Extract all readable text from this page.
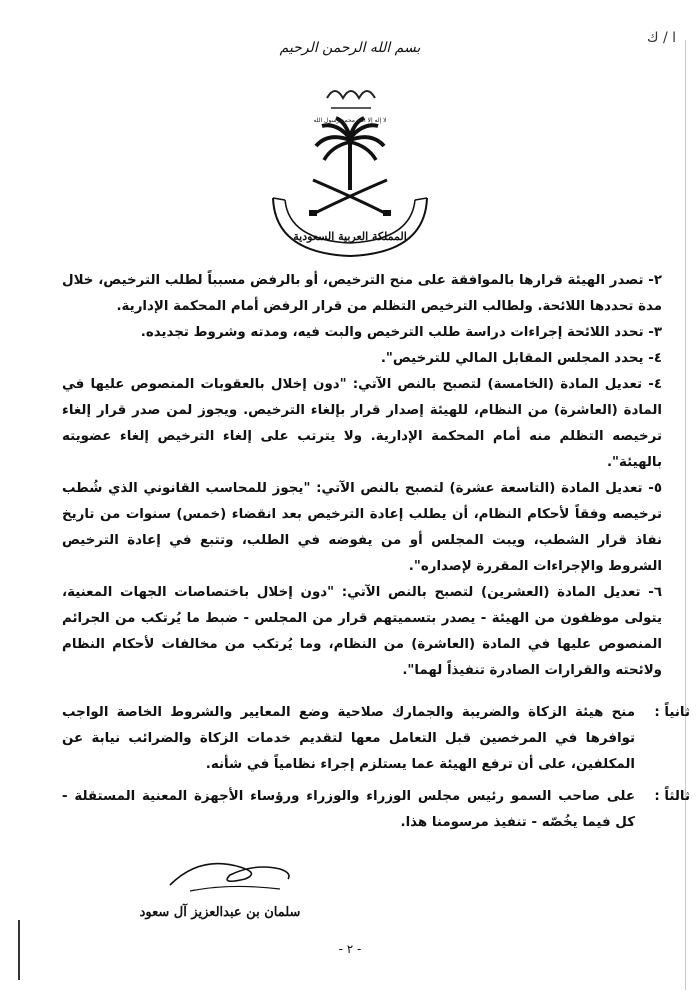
ا / ك
بسم الله الرحمن الرحيم
المملكة العربية السعودية
لا إله إلا الله محمد رسول الله

٢- تصدر الهيئة قرارها بالموافقة على منح الترخيص، أو بالرفض مسبباً لطلب الترخيص، خلال مدة تحددها اللائحة. ولطالب الترخيص التظلم من قرار الرفض أمام المحكمة الإدارية.

٣- تحدد اللائحة إجراءات دراسة طلب الترخيص والبت فيه، ومدته وشروط تجديده.

٤- يحدد المجلس المقابل المالي للترخيص".

٤- تعديل المادة (الخامسة) لتصبح بالنص الآتي: "دون إخلال بالعقوبات المنصوص عليها في المادة (العاشرة) من النظام، للهيئة إصدار قرار بإلغاء الترخيص. ويجوز لمن صدر قرار إلغاء ترخيصه التظلم منه أمام المحكمة الإدارية. ولا يترتب على إلغاء الترخيص إلغاء عضويته بالهيئة".

٥- تعديل المادة (التاسعة عشرة) لتصبح بالنص الآتي: "يجوز للمحاسب القانوني الذي شُطب ترخيصه وفقاً لأحكام النظام، أن يطلب إعادة الترخيص بعد انقضاء (خمس) سنوات من تاريخ نفاذ قرار الشطب، ويبت المجلس أو من يفوضه في الطلب، وتتبع في إعادة الترخيص الشروط والإجراءات المقررة لإصداره".

٦- تعديل المادة (العشرين) لتصبح بالنص الآتي: "دون إخلال باختصاصات الجهات المعنية، يتولى موظفون من الهيئة - يصدر بتسميتهم قرار من المجلس - ضبط ما يُرتكب من الجرائم المنصوص عليها في المادة (العاشرة) من النظام، وما يُرتكب من مخالفات لأحكام النظام ولائحته والقرارات الصادرة تنفيذاً لهما".

ثانياً :
منح هيئة الزكاة والضريبة والجمارك صلاحية وضع المعايير والشروط الخاصة الواجب توافرها في المرخصين قبل التعامل معها لتقديم خدمات الزكاة والضرائب نيابة عن المكلفين، على أن ترفع الهيئة عما يستلزم إجراء نظامياً في شأنه.
ثالثاً :
على صاحب السمو رئيس مجلس الوزراء والوزراء ورؤساء الأجهزة المعنية المستقلة - كل فيما يخُصّه - تنفيذ مرسومنا هذا.
سلمان بن عبدالعزيز آل سعود
- ٢ -
